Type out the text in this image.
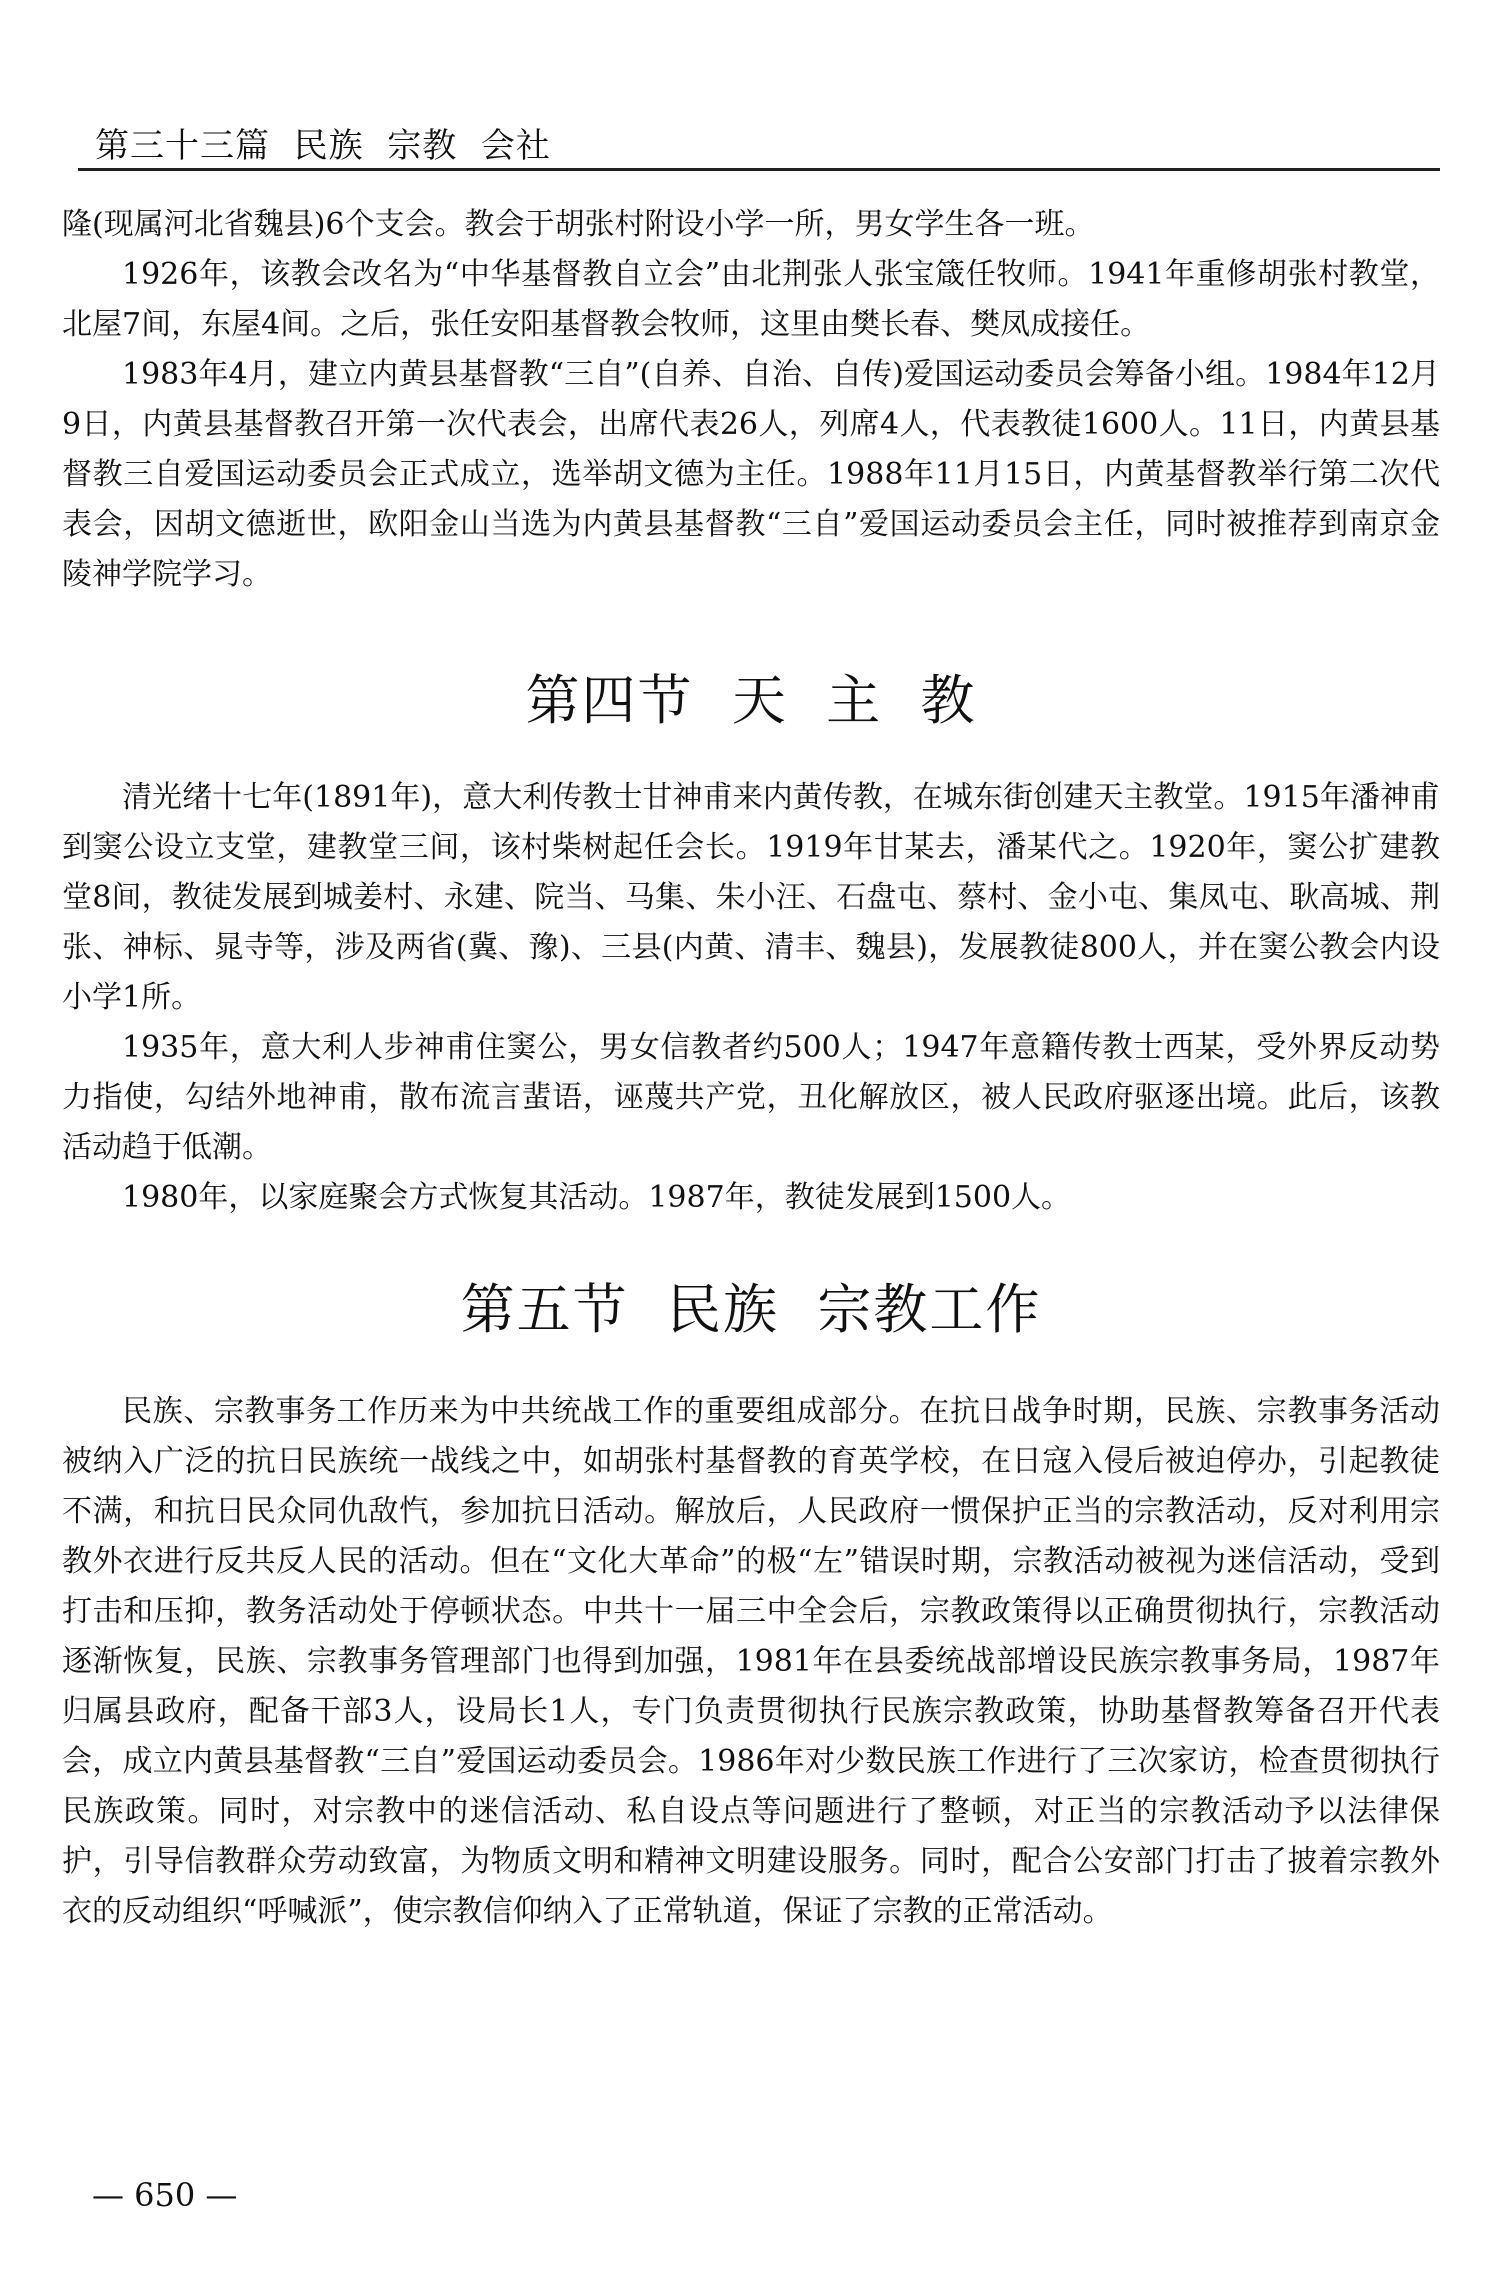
第三十三篇  民族  宗教  会社

隆(现属河北省魏县)6个支会。教会于胡张村附设小学一所，男女学生各一班。

1926年，该教会改名为“中华基督教自立会”由北荆张人张宝箴任牧师。1941年重修胡张村教堂，北屋7间，东屋4间。之后，张任安阳基督教会牧师，这里由樊长春、樊凤成接任。

1983年4月，建立内黄县基督教“三自”(自养、自治、自传)爱国运动委员会筹备小组。1984年12月9日，内黄县基督教召开第一次代表会，出席代表26人，列席4人，代表教徒1600人。11日，内黄县基督教三自爱国运动委员会正式成立，选举胡文德为主任。1988年11月15日，内黄基督教举行第二次代表会，因胡文德逝世，欧阳金山当选为内黄县基督教“三自”爱国运动委员会主任，同时被推荐到南京金陵神学院学习。

第四节  天  主  教

清光绪十七年(1891年)，意大利传教士甘神甫来内黄传教，在城东街创建天主教堂。1915年潘神甫到窦公设立支堂，建教堂三间，该村柴树起任会长。1919年甘某去，潘某代之。1920年，窦公扩建教堂8间，教徒发展到城姜村、永建、院当、马集、朱小汪、石盘屯、蔡村、金小屯、集凤屯、耿高城、荆张、神标、晁寺等，涉及两省(冀、豫)、三县(内黄、清丰、魏县)，发展教徒800人，并在窦公教会内设小学1所。

1935年，意大利人步神甫住窦公，男女信教者约500人；1947年意籍传教士西某，受外界反动势力指使，勾结外地神甫，散布流言蜚语，诬蔑共产党，丑化解放区，被人民政府驱逐出境。此后，该教活动趋于低潮。

1980年，以家庭聚会方式恢复其活动。1987年，教徒发展到1500人。

第五节  民族  宗教工作

民族、宗教事务工作历来为中共统战工作的重要组成部分。在抗日战争时期，民族、宗教事务活动被纳入广泛的抗日民族统一战线之中，如胡张村基督教的育英学校，在日寇入侵后被迫停办，引起教徒不满，和抗日民众同仇敌忾，参加抗日活动。解放后，人民政府一惯保护正当的宗教活动，反对利用宗教外衣进行反共反人民的活动。但在“文化大革命”的极“左”错误时期，宗教活动被视为迷信活动，受到打击和压抑，教务活动处于停顿状态。中共十一届三中全会后，宗教政策得以正确贯彻执行，宗教活动逐渐恢复，民族、宗教事务管理部门也得到加强，1981年在县委统战部增设民族宗教事务局，1987年归属县政府，配备干部3人，设局长1人，专门负责贯彻执行民族宗教政策，协助基督教筹备召开代表会，成立内黄县基督教“三自”爱国运动委员会。1986年对少数民族工作进行了三次家访，检查贯彻执行民族政策。同时，对宗教中的迷信活动、私自设点等问题进行了整顿，对正当的宗教活动予以法律保护，引导信教群众劳动致富，为物质文明和精神文明建设服务。同时，配合公安部门打击了披着宗教外衣的反动组织“呼喊派”，使宗教信仰纳入了正常轨道，保证了宗教的正常活动。

— 650 —
